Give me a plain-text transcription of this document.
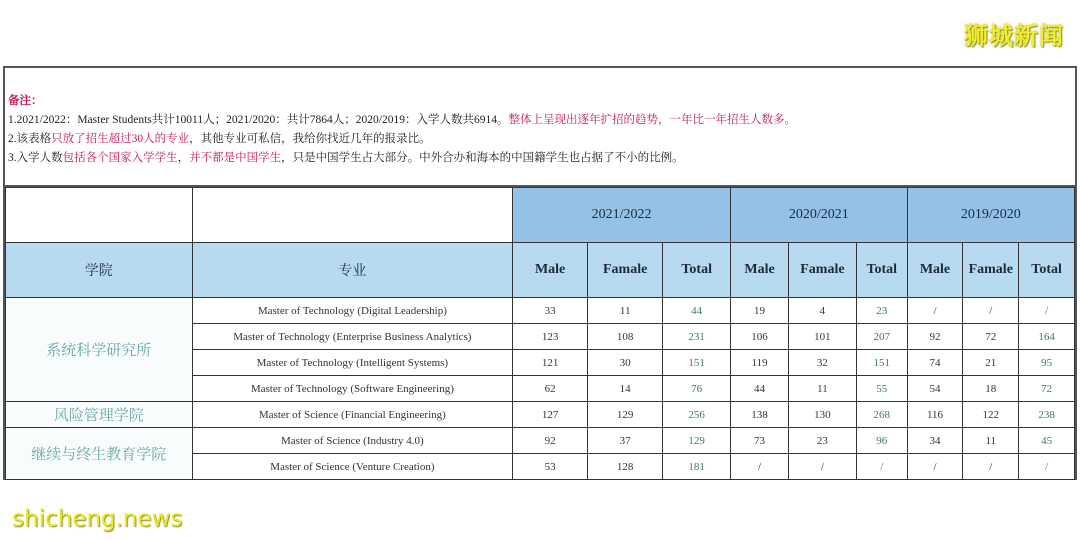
狮城新闻
备注：
1.2021/2022：Master Students共计10011人；2021/2020：共计7864人；2020/2019：入学人数共6914。整体上呈现出逐年扩招的趋势，一年比一年招生人数多。
2.该表格只放了招生超过30人的专业，其他专业可私信，我给你找近几年的报录比。
3.入学人数包括各个国家入学学生，并不都是中国学生，只是中国学生占大部分。中外合办和海本的中国籍学生也占据了不小的比例。
		2021/2022			2020/2021			2019/2020		
学院	专业	Male	Famale	Total	Male	Famale	Total	Male	Famale	Total
系统科学研究所	Master of Technology (Digital Leadership)	33	11	44	19	4	23	/	/	/
	Master of Technology (Enterprise Business Analytics)	123	108	231	106	101	207	92	72	164
	Master of Technology (Intelligent Systems)	121	30	151	119	32	151	74	21	95
	Master of Technology (Software Engineering)	62	14	76	44	11	55	54	18	72
风险管理学院	Master of Science (Financial Engineering)	127	129	256	138	130	268	116	122	238
继续与终生教育学院	Master of Science (Industry 4.0)	92	37	129	73	23	96	34	11	45
	Master of Science (Venture Creation)	53	128	181	/	/	/	/	/	/
shicheng.news
